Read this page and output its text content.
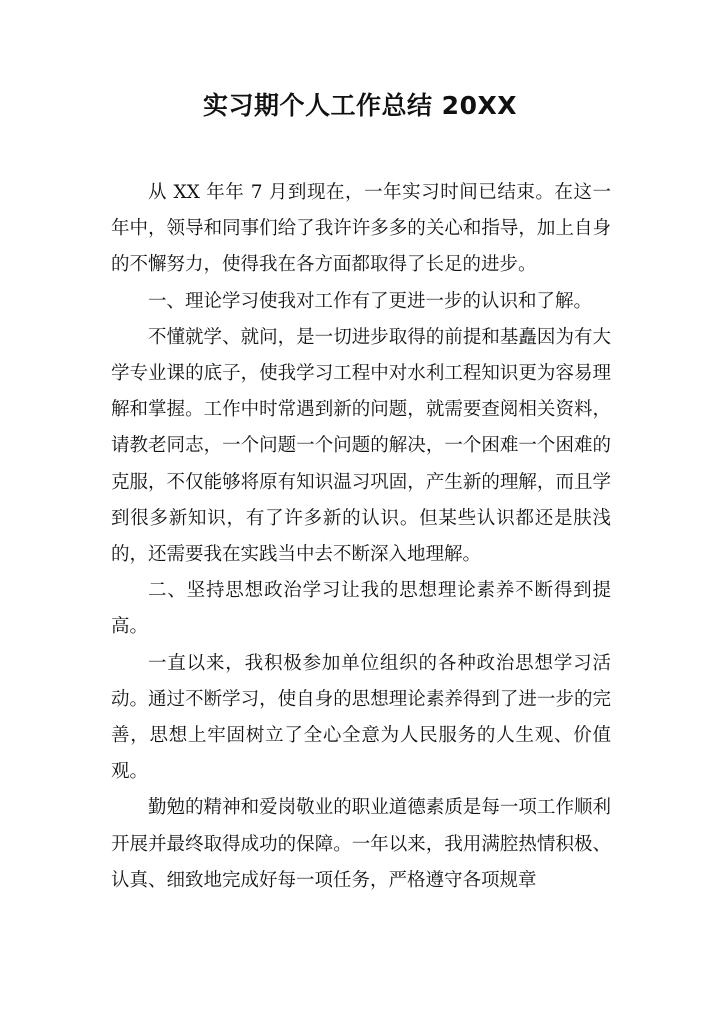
实习期个人工作总结 20XX

从 XX 年年 7 月到现在，一年实习时间已结束。在这一年中，领导和同事们给了我许许多多的关心和指导，加上自身的不懈努力，使得我在各方面都取得了长足的进步。

一、理论学习使我对工作有了更进一步的认识和了解。

不懂就学、就问，是一切进步取得的前提和基矗因为有大学专业课的底子，使我学习工程中对水利工程知识更为容易理解和掌握。工作中时常遇到新的问题，就需要查阅相关资料，请教老同志，一个问题一个问题的解决，一个困难一个困难的克服，不仅能够将原有知识温习巩固，产生新的理解，而且学到很多新知识，有了许多新的认识。但某些认识都还是肤浅的，还需要我在实践当中去不断深入地理解。

二、坚持思想政治学习让我的思想理论素养不断得到提高。

一直以来，我积极参加单位组织的各种政治思想学习活动。通过不断学习，使自身的思想理论素养得到了进一步的完善，思想上牢固树立了全心全意为人民服务的人生观、价值观。

勤勉的精神和爱岗敬业的职业道德素质是每一项工作顺利开展并最终取得成功的保障。一年以来，我用满腔热情积极、认真、细致地完成好每一项任务，严格遵守各项规章
